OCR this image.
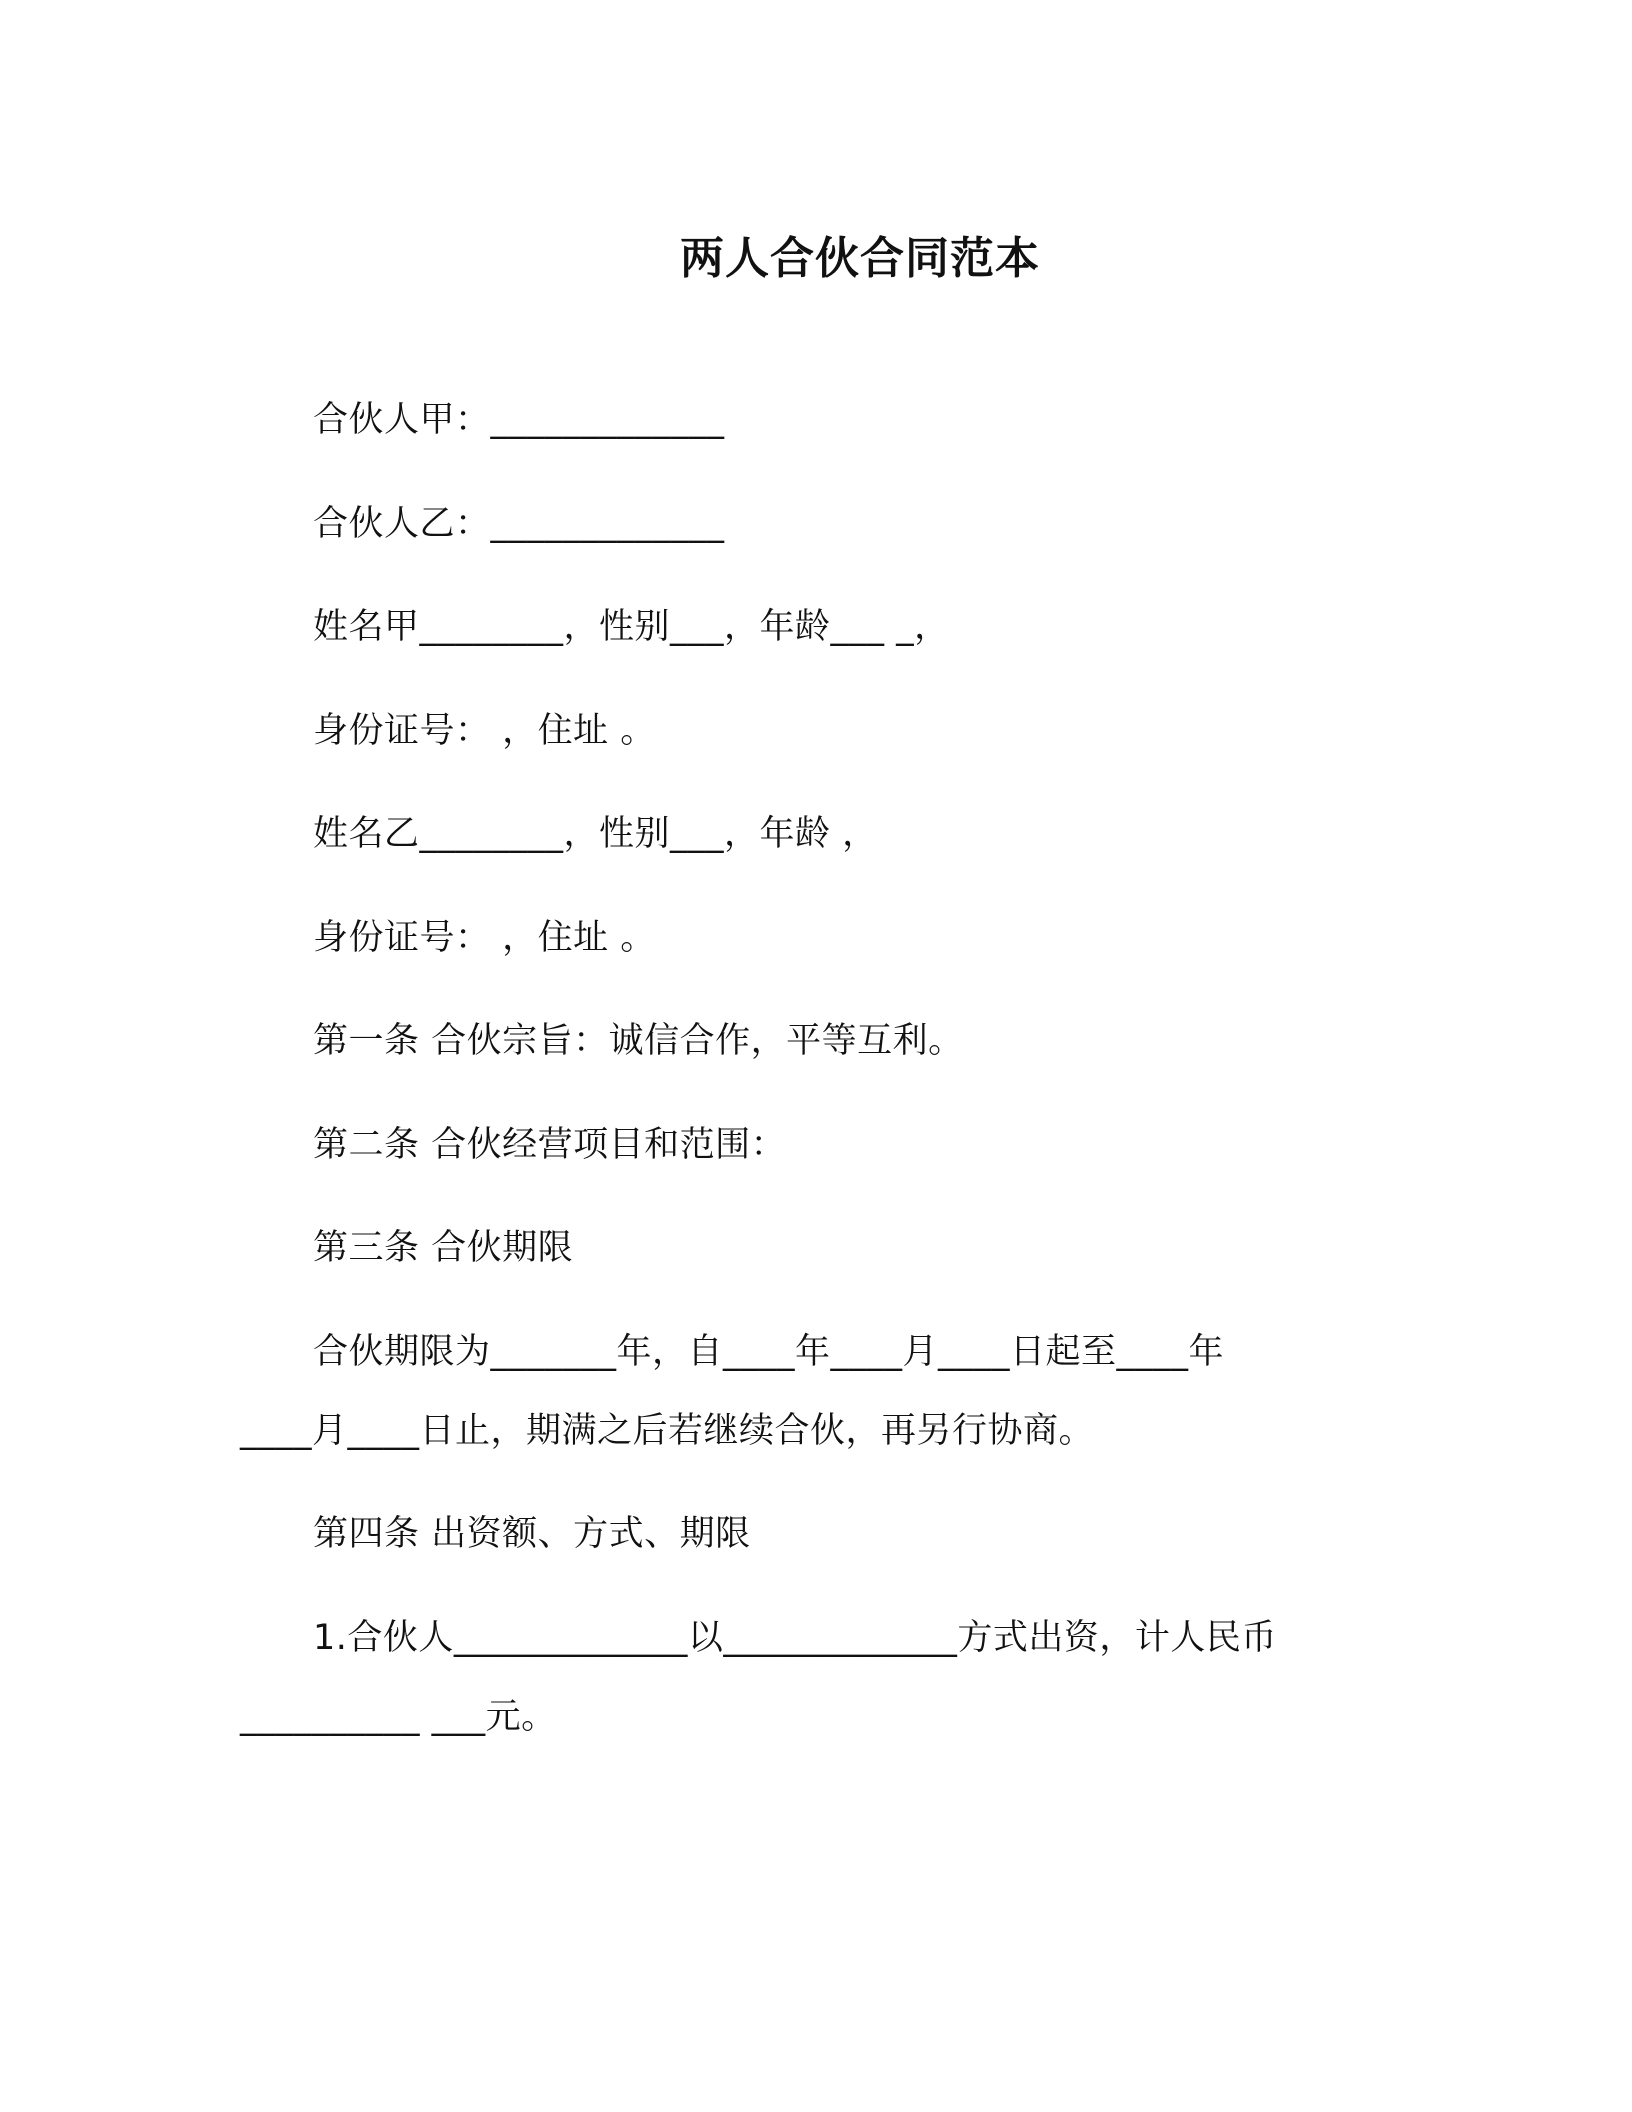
两人合伙合同范本
合伙人甲：_____________
合伙人乙：_____________
姓名甲________，性别___，年龄___ _，
身份证号： ，住址 。
姓名乙________，性别___，年龄 ，
身份证号： ，住址 。
第一条 合伙宗旨：诚信合作，平等互利。
第二条 合伙经营项目和范围：
第三条 合伙期限
合伙期限为_______年，自____年____月____日起至____年
____月____日止，期满之后若继续合伙，再另行协商。
第四条 出资额、方式、期限
1.合伙人_____________以_____________方式出资，计人民币
__________ ___元。
